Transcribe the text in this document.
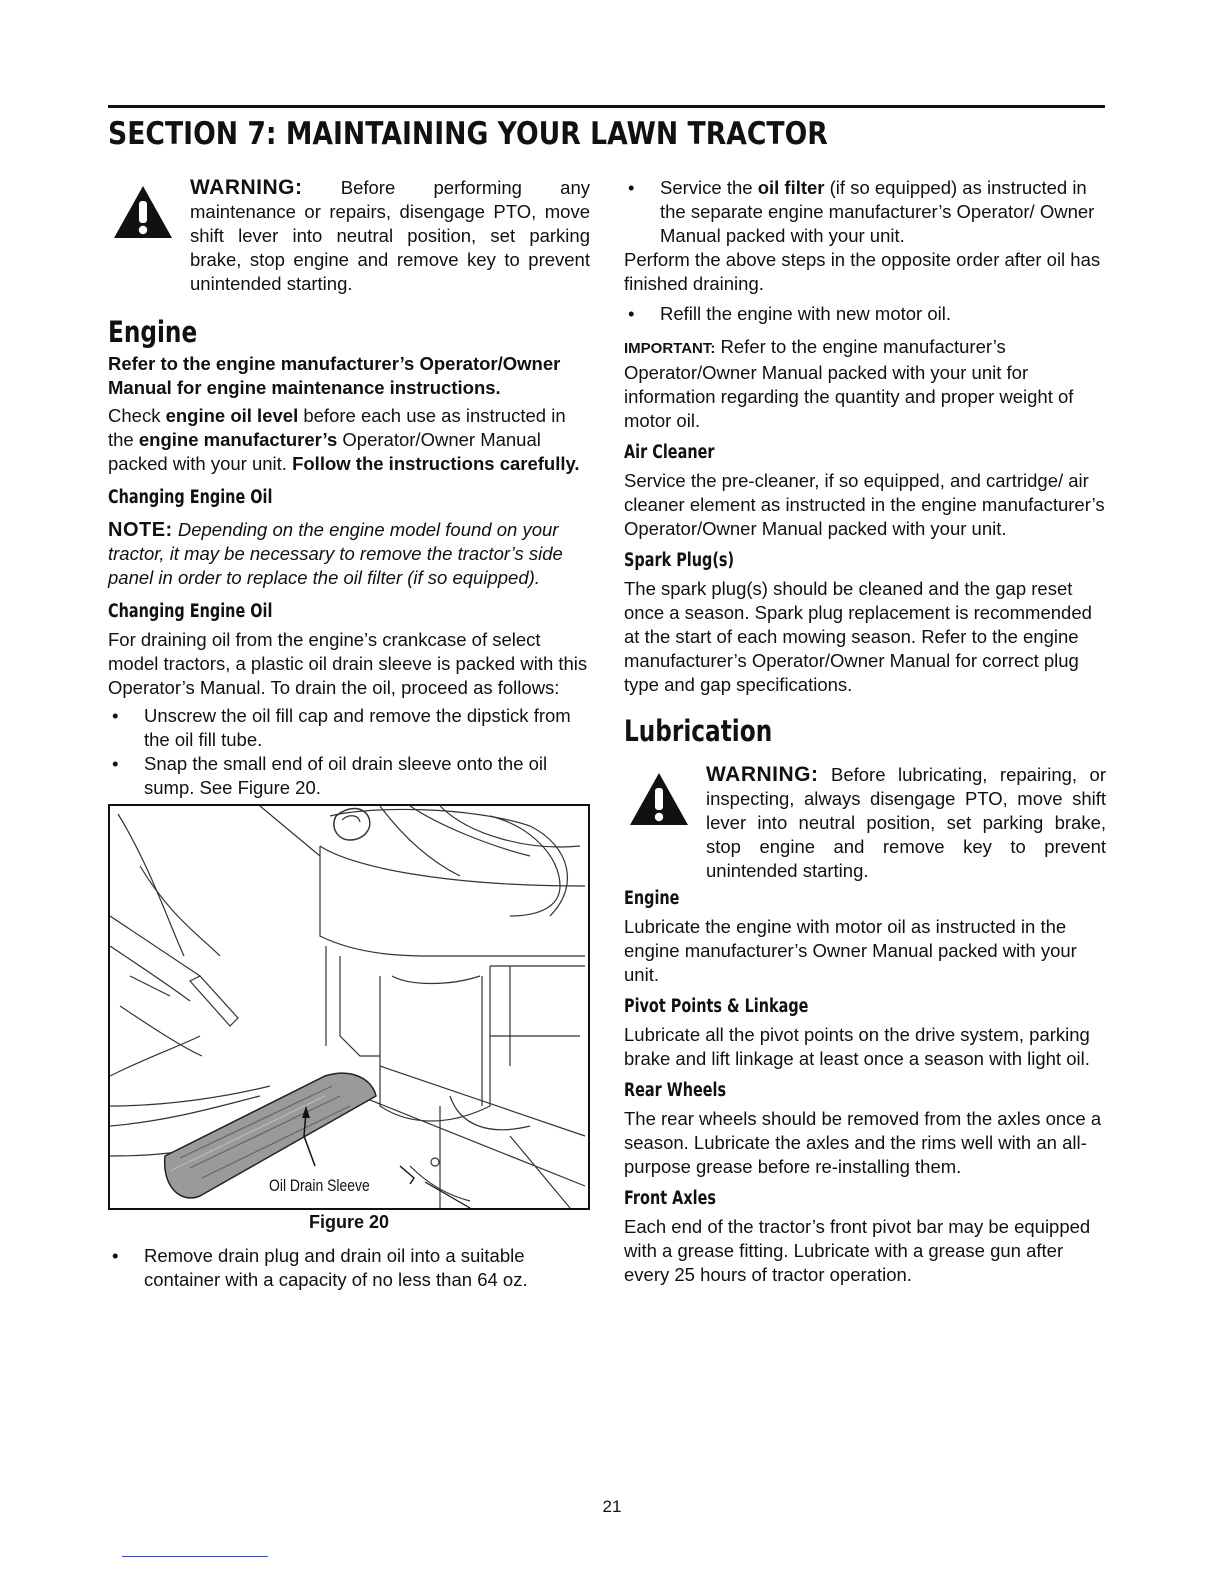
SECTION 7: MAINTAINING YOUR LAWN TRACTOR

WARNING: Before performing any maintenance or repairs, disengage PTO, move shift lever into neutral position, set parking brake, stop engine and remove key to prevent unintended starting.

Engine

Refer to the engine manufacturer’s Operator/Owner Manual for engine maintenance instructions.

Check engine oil level before each use as instructed in the engine manufacturer’s Operator/Owner Manual packed with your unit. Follow the instructions carefully.

Changing Engine Oil

NOTE: Depending on the engine model found on your tractor, it may be necessary to remove the tractor’s side panel in order to replace the oil filter (if so equipped).

Changing Engine Oil

For draining oil from the engine’s crankcase of select model tractors, a plastic oil drain sleeve is packed with this Operator’s Manual. To drain the oil, proceed as follows:

• Unscrew the oil fill cap and remove the dipstick from the oil fill tube.
• Snap the small end of oil drain sleeve onto the oil sump. See Figure 20.
Oil Drain Sleeve

Figure 20

• Remove drain plug and drain oil into a suitable container with a capacity of no less than 64 oz.
• Service the oil filter (if so equipped) as instructed in the separate engine manufacturer’s Operator/ Owner Manual packed with your unit.

Perform the above steps in the opposite order after oil has finished draining.

• Refill the engine with new motor oil.

IMPORTANT: Refer to the engine manufacturer’s Operator/Owner Manual packed with your unit for information regarding the quantity and proper weight of motor oil.

Air Cleaner

Service the pre-cleaner, if so equipped, and cartridge/ air cleaner element as instructed in the engine manufacturer’s Operator/Owner Manual packed with your unit.

Spark Plug(s)

The spark plug(s) should be cleaned and the gap reset once a season. Spark plug replacement is recommended at the start of each mowing season. Refer to the engine manufacturer’s Operator/Owner Manual for correct plug type and gap specifications.

Lubrication

WARNING: Before lubricating, repairing, or inspecting, always disengage PTO, move shift lever into neutral position, set parking brake, stop engine and remove key to prevent unintended starting.

Engine

Lubricate the engine with motor oil as instructed in the engine manufacturer’s Owner Manual packed with your unit.

Pivot Points & Linkage

Lubricate all the pivot points on the drive system, parking brake and lift linkage at least once a season with light oil.

Rear Wheels

The rear wheels should be removed from the axles once a season. Lubricate the axles and the rims well with an all-purpose grease before re-installing them.

Front Axles

Each end of the tractor’s front pivot bar may be equipped with a grease fitting. Lubricate with a grease gun after every 25 hours of tractor operation.

21
